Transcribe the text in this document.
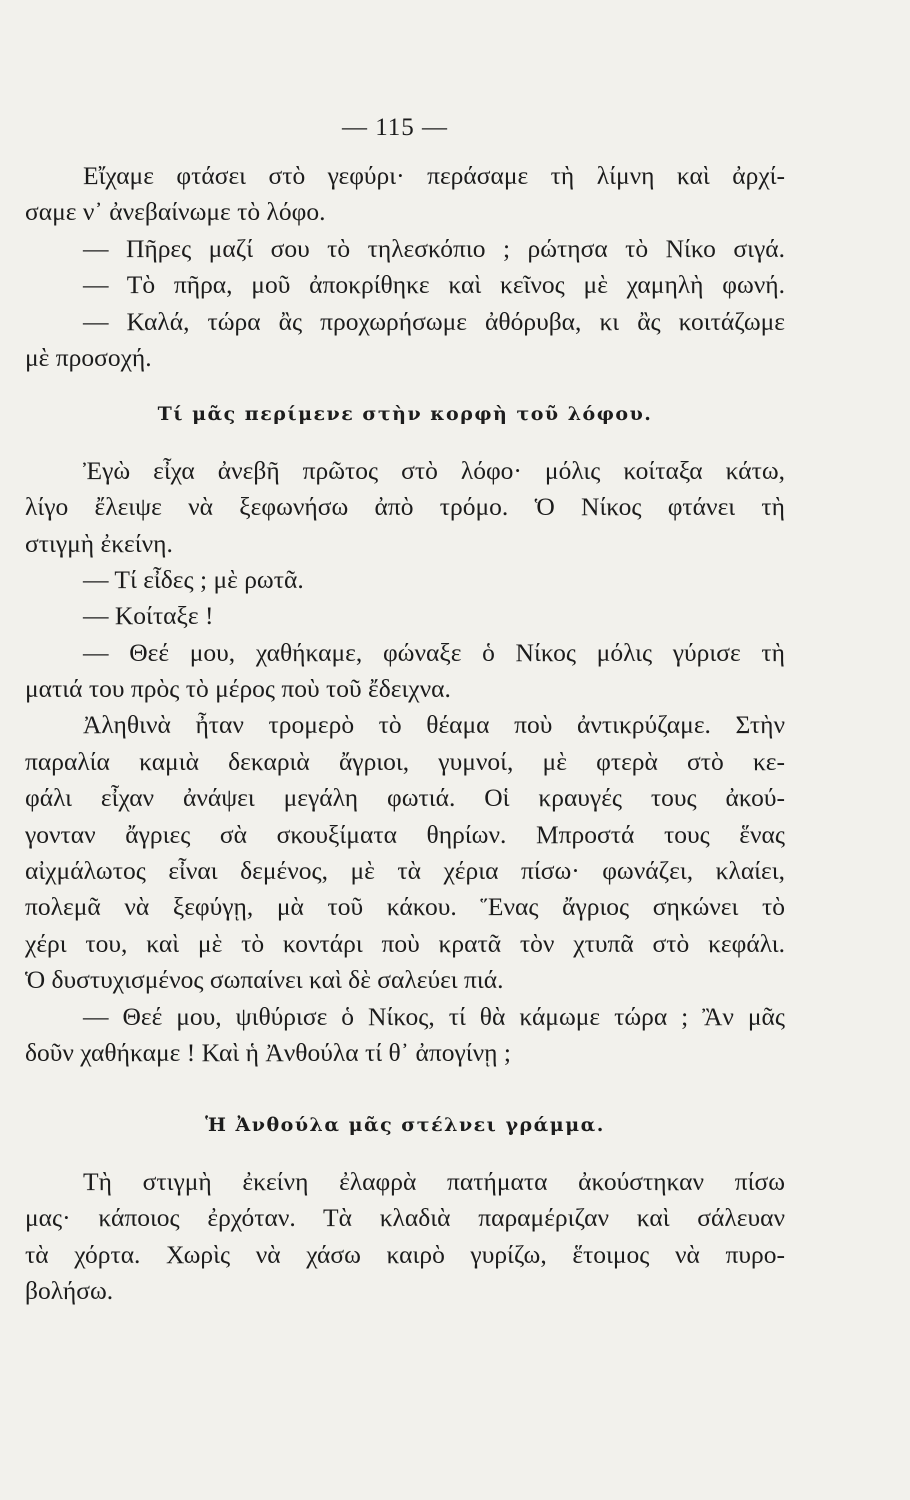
— 115 —
Εἴχαμε φτάσει στὸ γεφύρι· περάσαμε τὴ λίμνη καὶ ἀρχί-
σαμε ν᾿ ἀνεβαίνωμε τὸ λόφο.
— Πῆρες μαζί σου τὸ τηλεσκόπιο ; ρώτησα τὸ Νίκο σιγά.
— Τὸ πῆρα, μοῦ ἀποκρίθηκε καὶ κεῖνος μὲ χαμηλὴ φωνή.
— Καλά, τώρα ἂς προχωρήσωμε ἀθόρυβα, κι ἂς κοιτάζωμε
μὲ προσοχή.
Τί μᾶς περίμενε στὴν κορφὴ τοῦ λόφου.
Ἐγὼ εἶχα ἀνεβῆ πρῶτος στὸ λόφο· μόλις κοίταξα κάτω,
λίγο ἔλειψε νὰ ξεφωνήσω ἀπὸ τρόμο. Ὁ Νίκος φτάνει τὴ
στιγμὴ ἐκείνη.
— Τί εἶδες ; μὲ ρωτᾶ.
— Κοίταξε !
— Θεέ μου, χαθήκαμε, φώναξε ὁ Νίκος μόλις γύρισε τὴ
ματιά του πρὸς τὸ μέρος ποὺ τοῦ ἔδειχνα.
Ἀληθινὰ ἦταν τρομερὸ τὸ θέαμα ποὺ ἀντικρύζαμε. Στὴν
παραλία καμιὰ δεκαριὰ ἄγριοι, γυμνοί, μὲ φτερὰ στὸ κε-
φάλι εἶχαν ἀνάψει μεγάλη φωτιά. Οἱ κραυγές τους ἀκού-
γονταν ἄγριες σὰ σκουξίματα θηρίων. Μπροστά τους ἕνας
αἰχμάλωτος εἶναι δεμένος, μὲ τὰ χέρια πίσω· φωνάζει, κλαίει,
πολεμᾶ νὰ ξεφύγῃ, μὰ τοῦ κάκου. Ἕνας ἄγριος σηκώνει τὸ
χέρι του, καὶ μὲ τὸ κοντάρι ποὺ κρατᾶ τὸν χτυπᾶ στὸ κεφάλι.
Ὁ δυστυχισμένος σωπαίνει καὶ δὲ σαλεύει πιά.
— Θεέ μου, ψιθύρισε ὁ Νίκος, τί θὰ κάμωμε τώρα ; Ἂν μᾶς
δοῦν χαθήκαμε ! Καὶ ἡ Ἀνθούλα τί θ᾿ ἀπογίνῃ ;
Ἡ Ἀνθούλα μᾶς στέλνει γράμμα.
Τὴ στιγμὴ ἐκείνη ἐλαφρὰ πατήματα ἀκούστηκαν πίσω
μας· κάποιος ἐρχόταν. Τὰ κλαδιὰ παραμέριζαν καὶ σάλευαν
τὰ χόρτα. Χωρὶς νὰ χάσω καιρὸ γυρίζω, ἕτοιμος νὰ πυρο-
βολήσω.
